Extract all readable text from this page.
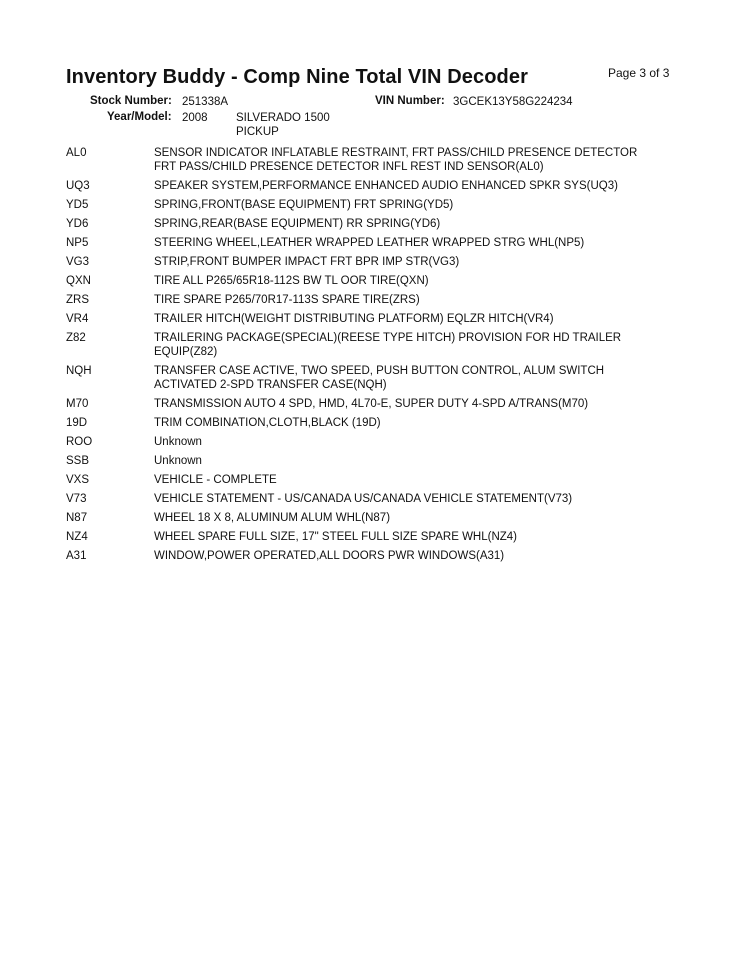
Inventory Buddy - Comp Nine Total VIN Decoder	Page 3 of 3
Stock Number: 251338A	VIN Number: 3GCEK13Y58G224234
Year/Model: 2008 SILVERADO 1500
PICKUP
AL0	SENSOR INDICATOR INFLATABLE RESTRAINT, FRT PASS/CHILD PRESENCE DETECTOR
FRT PASS/CHILD PRESENCE DETECTOR INFL REST IND SENSOR(AL0)
UQ3	SPEAKER SYSTEM,PERFORMANCE ENHANCED AUDIO ENHANCED SPKR SYS(UQ3)
YD5	SPRING,FRONT(BASE EQUIPMENT) FRT SPRING(YD5)
YD6	SPRING,REAR(BASE EQUIPMENT) RR SPRING(YD6)
NP5	STEERING WHEEL,LEATHER WRAPPED LEATHER WRAPPED STRG WHL(NP5)
VG3	STRIP,FRONT BUMPER IMPACT FRT BPR IMP STR(VG3)
QXN	TIRE ALL P265/65R18-112S BW TL OOR TIRE(QXN)
ZRS	TIRE SPARE P265/70R17-113S SPARE TIRE(ZRS)
VR4	TRAILER HITCH(WEIGHT DISTRIBUTING PLATFORM) EQLZR HITCH(VR4)
Z82	TRAILERING PACKAGE(SPECIAL)(REESE TYPE HITCH) PROVISION FOR HD TRAILER
EQUIP(Z82)
NQH	TRANSFER CASE ACTIVE, TWO SPEED, PUSH BUTTON CONTROL, ALUM SWITCH
ACTIVATED 2-SPD TRANSFER CASE(NQH)
M70	TRANSMISSION AUTO 4 SPD, HMD, 4L70-E, SUPER DUTY 4-SPD A/TRANS(M70)
19D	TRIM COMBINATION,CLOTH,BLACK (19D)
ROO	Unknown
SSB	Unknown
VXS	VEHICLE - COMPLETE
V73	VEHICLE STATEMENT - US/CANADA US/CANADA VEHICLE STATEMENT(V73)
N87	WHEEL 18 X 8, ALUMINUM ALUM WHL(N87)
NZ4	WHEEL SPARE FULL SIZE, 17" STEEL FULL SIZE SPARE WHL(NZ4)
A31	WINDOW,POWER OPERATED,ALL DOORS PWR WINDOWS(A31)
